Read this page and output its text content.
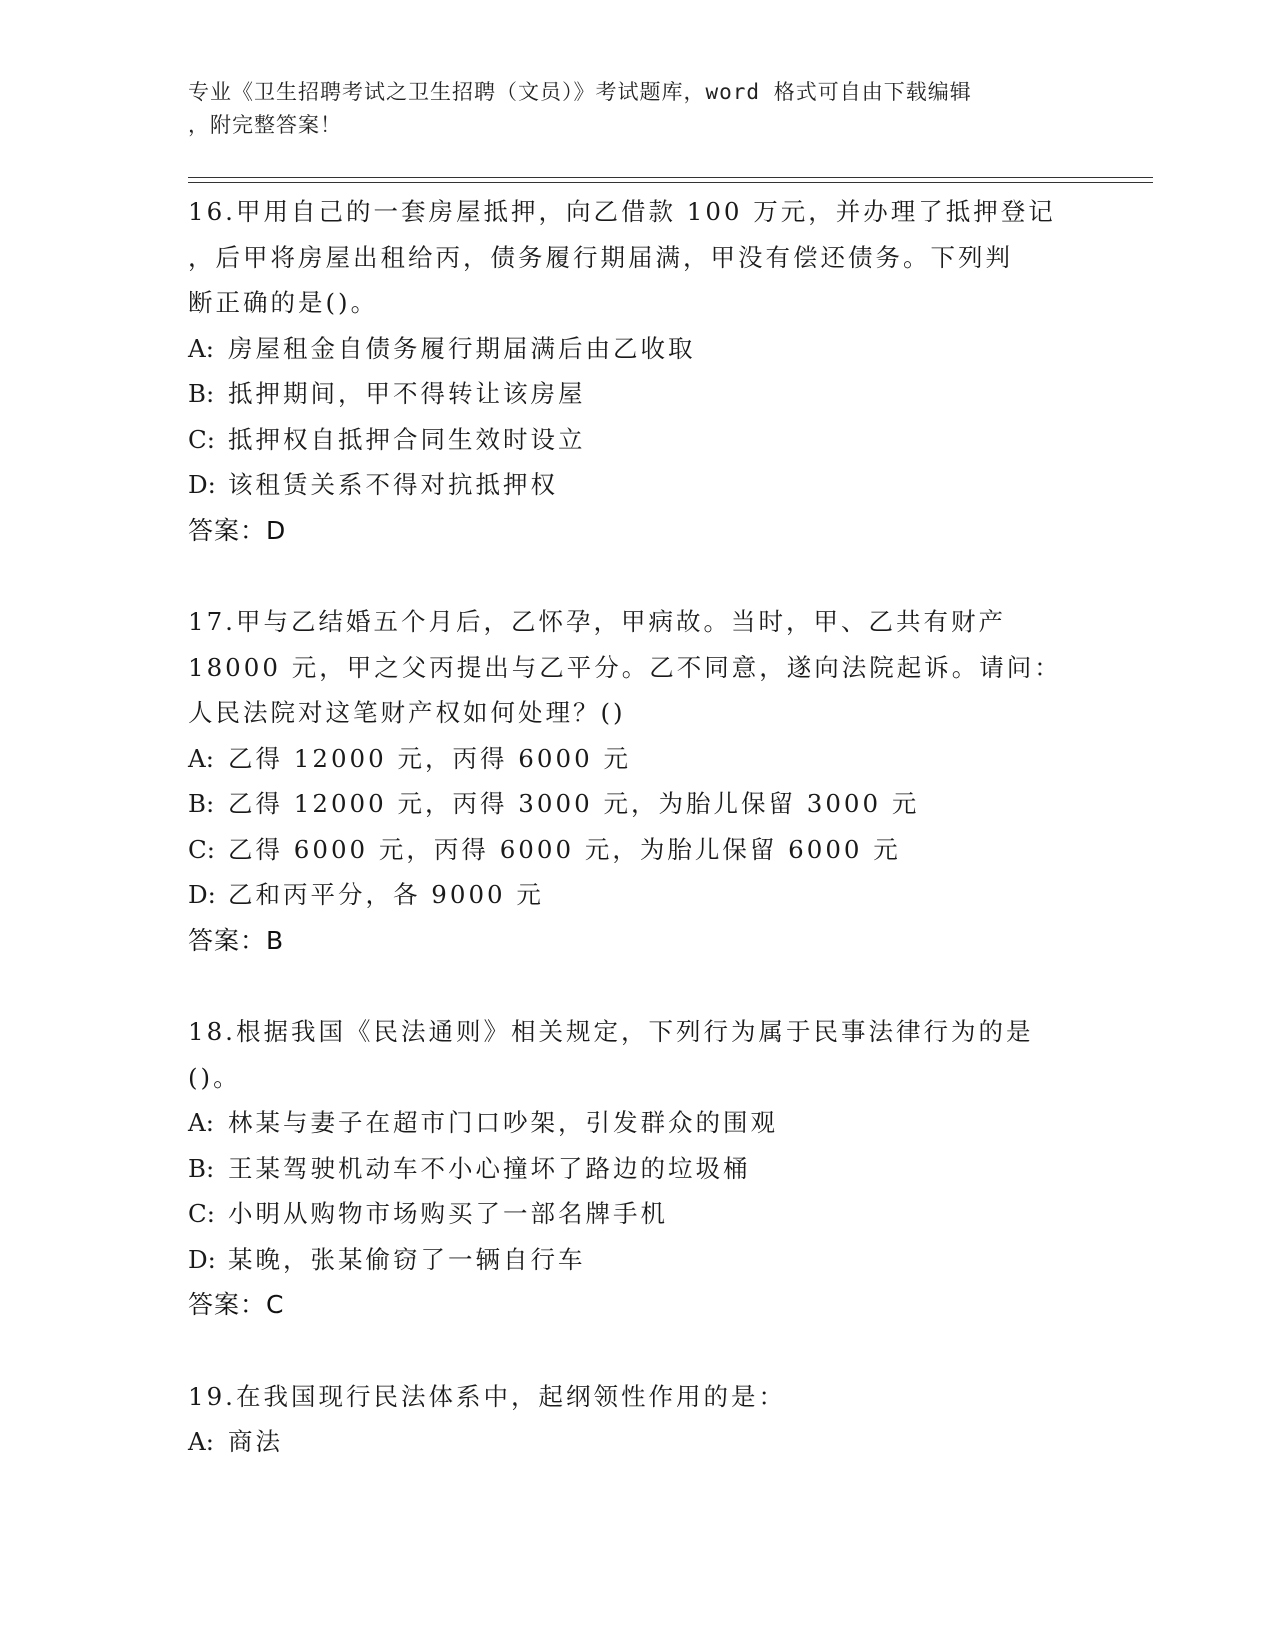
专业《卫生招聘考试之卫生招聘（文员）》考试题库，word 格式可自由下载编辑
，附完整答案！
16.甲用自己的一套房屋抵押，向乙借款 100 万元，并办理了抵押登记
，后甲将房屋出租给丙，债务履行期届满，甲没有偿还债务。下列判
断正确的是()。
A: 房屋租金自债务履行期届满后由乙收取
B: 抵押期间，甲不得转让该房屋
C: 抵押权自抵押合同生效时设立
D: 该租赁关系不得对抗抵押权
答案：D
17.甲与乙结婚五个月后，乙怀孕，甲病故。当时，甲、乙共有财产
18000 元，甲之父丙提出与乙平分。乙不同意，遂向法院起诉。请问：
人民法院对这笔财产权如何处理？()
A: 乙得 12000 元，丙得 6000 元
B: 乙得 12000 元，丙得 3000 元，为胎儿保留 3000 元
C: 乙得 6000 元，丙得 6000 元，为胎儿保留 6000 元
D: 乙和丙平分，各 9000 元
答案：B
18.根据我国《民法通则》相关规定，下列行为属于民事法律行为的是
()。
A: 林某与妻子在超市门口吵架，引发群众的围观
B: 王某驾驶机动车不小心撞坏了路边的垃圾桶
C: 小明从购物市场购买了一部名牌手机
D: 某晚，张某偷窃了一辆自行车
答案：C
19.在我国现行民法体系中，起纲领性作用的是：
A: 商法
